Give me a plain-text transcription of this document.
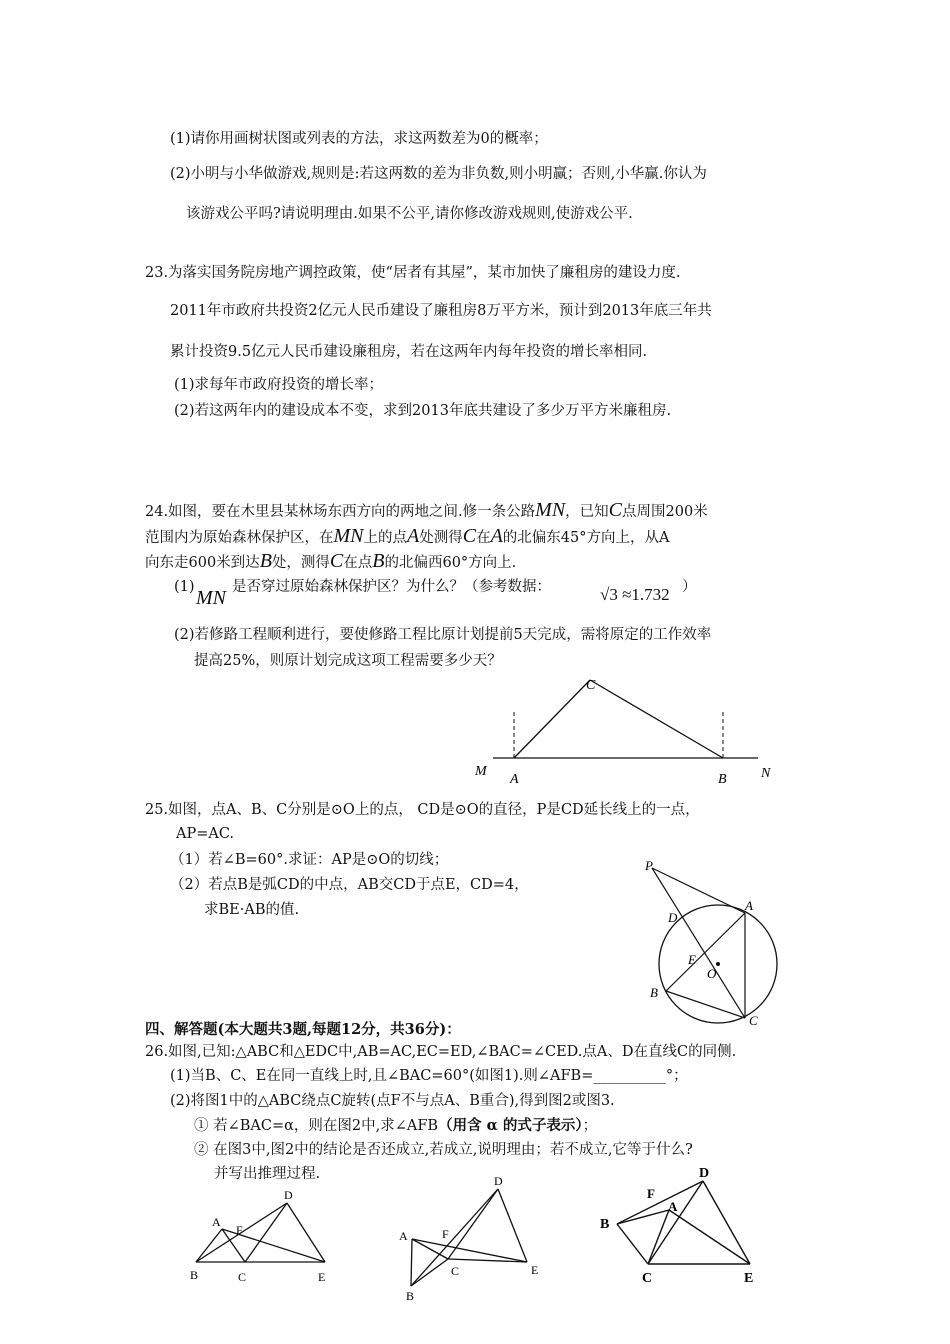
(1)请你用画树状图或列表的方法，求这两数差为0的概率；
(2)小明与小华做游戏,规则是:若这两数的差为非负数,则小明赢；否则,小华赢.你认为
该游戏公平吗?请说明理由.如果不公平,请你修改游戏规则,使游戏公平.
23.为落实国务院房地产调控政策，使“居者有其屋”，某市加快了廉租房的建设力度.
2011年市政府共投资2亿元人民币建设了廉租房8万平方米，预计到2013年底三年共
累计投资9.5亿元人民币建设廉租房，若在这两年内每年投资的增长率相同.
(1)求每年市政府投资的增长率；
(2)若这两年内的建设成本不变，求到2013年底共建设了多少万平方米廉租房.
24.如图，要在木里县某林场东西方向的两地之间.修一条公路MN，已知C点周围200米
范围内为原始森林保护区，在MN上的点A处测得C在A的北偏东45°方向上，从A
向东走600米到达B处，测得C在点B的北偏西60°方向上.
(1) MN 是否穿过原始森林保护区？为什么？（参考数据：	√3 ≈1.732 ）
(2)若修路工程顺利进行，要使修路工程比原计划提前5天完成，需将原定的工作效率
提高25%，则原计划完成这项工程需要多少天？
C
M
A	B N
25.如图，点A、B、C分别是⊙O上的点， CD是⊙O的直径，P是CD延长线上的一点，
AP=AC.
（1）若∠B=60°.求证：AP是⊙O的切线；
（2）若点B是弧CD的中点，AB交CD于点E，CD=4，
求BE·AB的值.
P
A
D
E
O
B
C
四、解答题(本大题共3题,每题12分，共36分)：
26.如图,已知:△ABC和△EDC中,AB=AC,EC=ED,∠BAC=∠CED.点A、D在直线C的同侧.
(1)当B、C、E在同一直线上时,且∠BAC=60°(如图1).则∠AFB=__________°；
(2)将图1中的△ABC绕点C旋转(点F不与点A、B重合),得到图2或图3.
① 若∠BAC=α，则在图2中,求∠AFB（用含 α 的式子表示）；
② 在图3中,图2中的结论是否还成立,若成立,说明理由；若不成立,它等于什么?
并写出推理过程.
D
A
F
B	C	E
D
A	F
C	E
B
D
F
A
B
C	E
